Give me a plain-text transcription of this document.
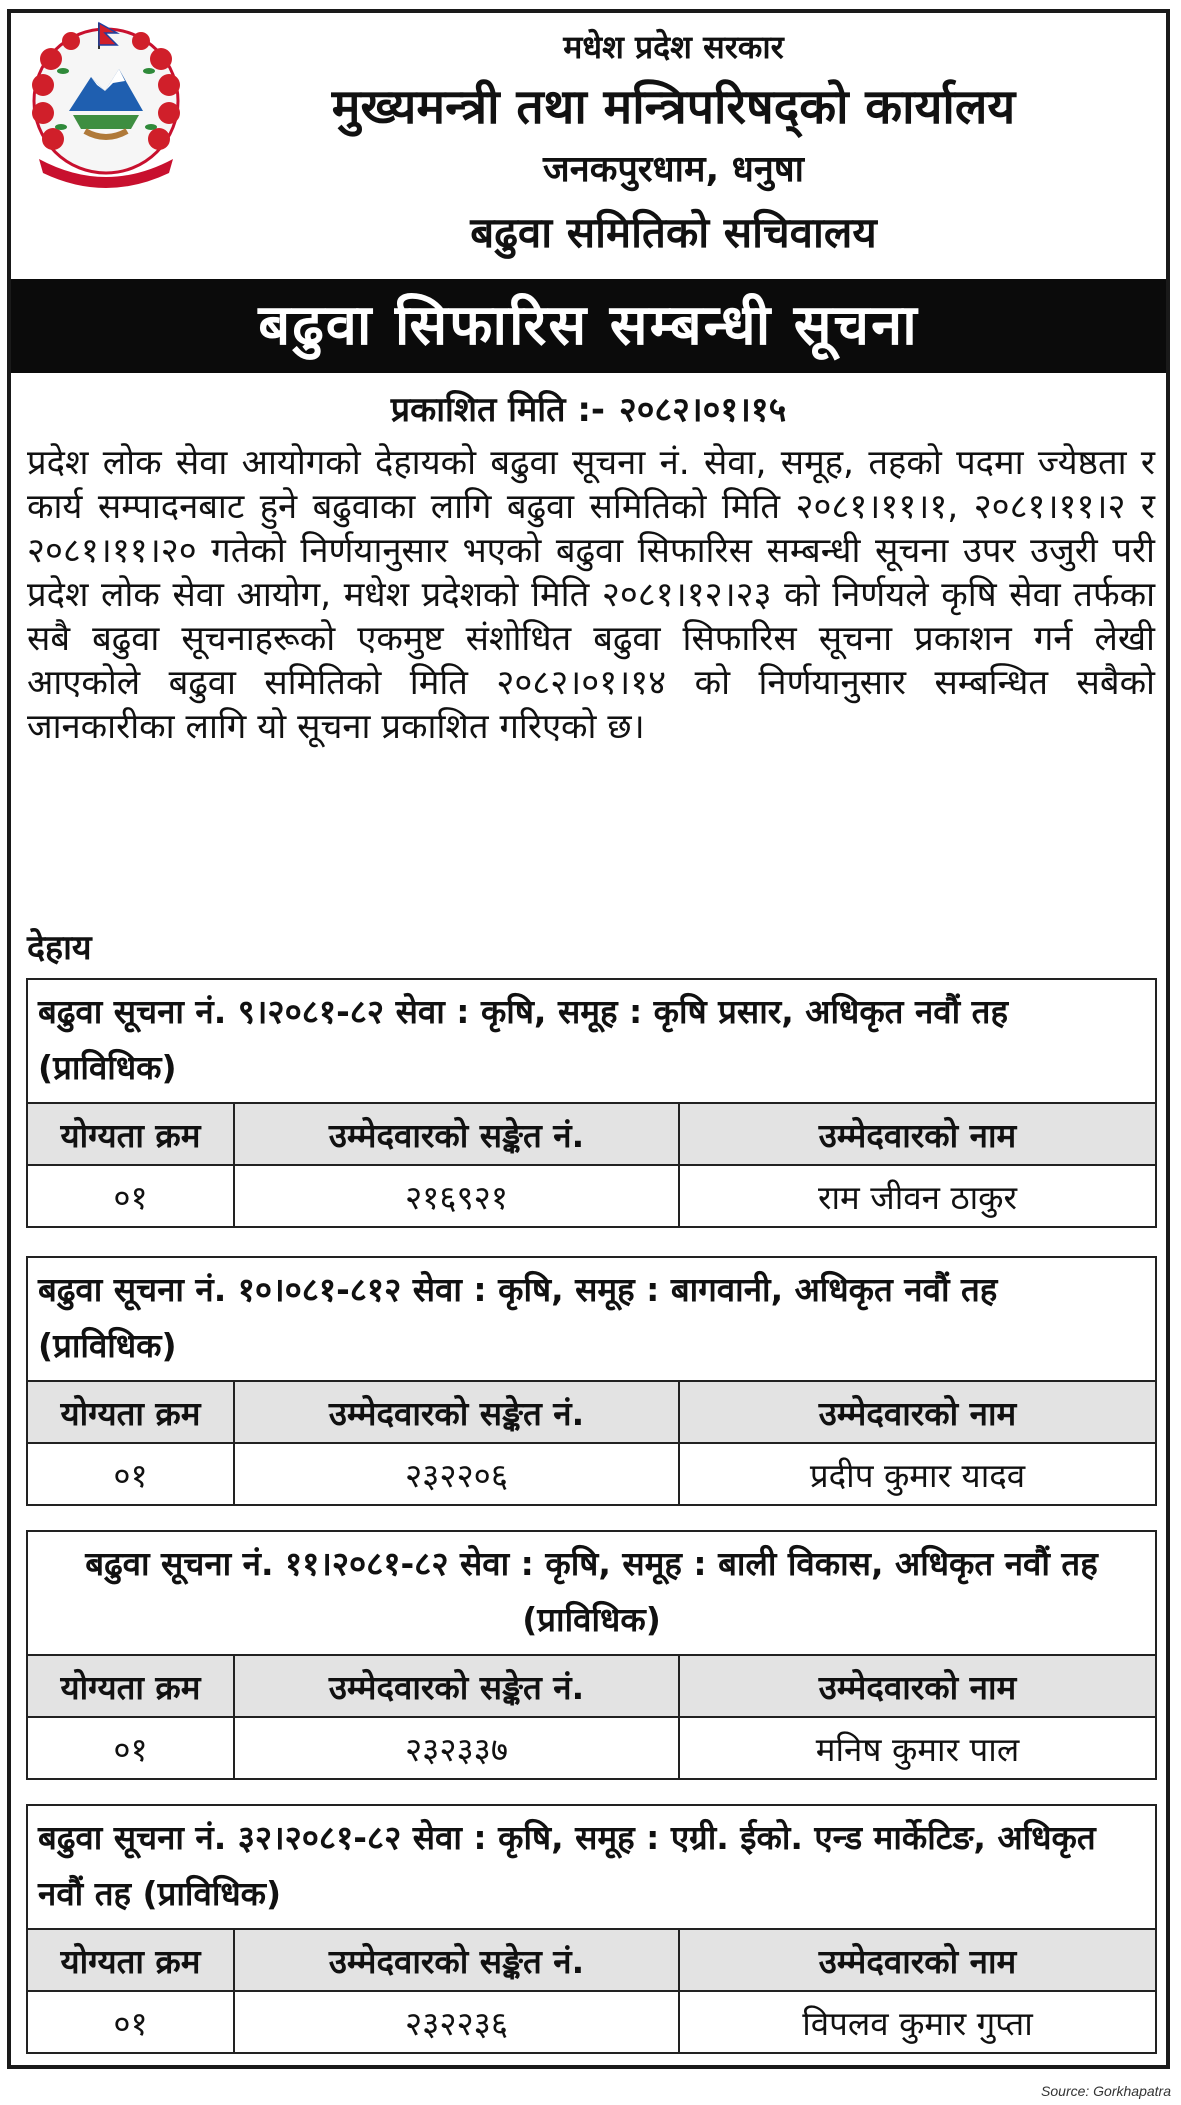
मधेश प्रदेश सरकार
मुख्यमन्त्री तथा मन्त्रिपरिषद्को कार्यालय
जनकपुरधाम, धनुषा
बढुवा समितिको सचिवालय
बढुवा सिफारिस सम्बन्धी सूचना
प्रकाशित मिति :- २०८२।०१।१५
प्रदेश लोक सेवा आयोगको देहायको बढुवा सूचना नं. सेवा, समूह, तहको पदमा ज्येष्ठता र कार्य सम्पादनबाट हुने बढुवाका लागि बढुवा समितिको मिति २०८१।११।१, २०८१।११।२ र २०८१।११।२० गतेको निर्णयानुसार भएको बढुवा सिफारिस सम्बन्धी सूचना उपर उजुरी परी प्रदेश लोक सेवा आयोग, मधेश प्रदेशको मिति २०८१।१२।२३ को निर्णयले कृषि सेवा तर्फका सबै बढुवा सूचनाहरूको एकमुष्ट संशोधित बढुवा सिफारिस सूचना प्रकाशन गर्न लेखी आएकोले बढुवा समितिको मिति २०८२।०१।१४ को निर्णयानुसार सम्बन्धित सबैको जानकारीका लागि यो सूचना प्रकाशित गरिएको छ।
देहाय
बढुवा सूचना नं. ९।२०८१-८२ सेवा : कृषि, समूह : कृषि प्रसार, अधिकृत नवौं तह (प्राविधिक)
योग्यता क्रम	उम्मेदवारको सङ्केत नं.	उम्मेदवारको नाम
०१	२१६९२१	राम जीवन ठाकुर
बढुवा सूचना नं. १०।०८१-८१२ सेवा : कृषि, समूह : बागवानी, अधिकृत नवौं तह (प्राविधिक)
योग्यता क्रम	उम्मेदवारको सङ्केत नं.	उम्मेदवारको नाम
०१	२३२२०६	प्रदीप कुमार यादव
बढुवा सूचना नं. ११।२०८१-८२ सेवा : कृषि, समूह : बाली विकास, अधिकृत नवौं तह (प्राविधिक)
योग्यता क्रम	उम्मेदवारको सङ्केत नं.	उम्मेदवारको नाम
०१	२३२३३७	मनिष कुमार पाल
बढुवा सूचना नं. ३२।२०८१-८२ सेवा : कृषि, समूह : एग्री. ईको. एन्ड मार्केटिङ, अधिकृत नवौं तह (प्राविधिक)
योग्यता क्रम	उम्मेदवारको सङ्केत नं.	उम्मेदवारको नाम
०१	२३२२३६	विपलव कुमार गुप्ता
Source: Gorkhapatra
